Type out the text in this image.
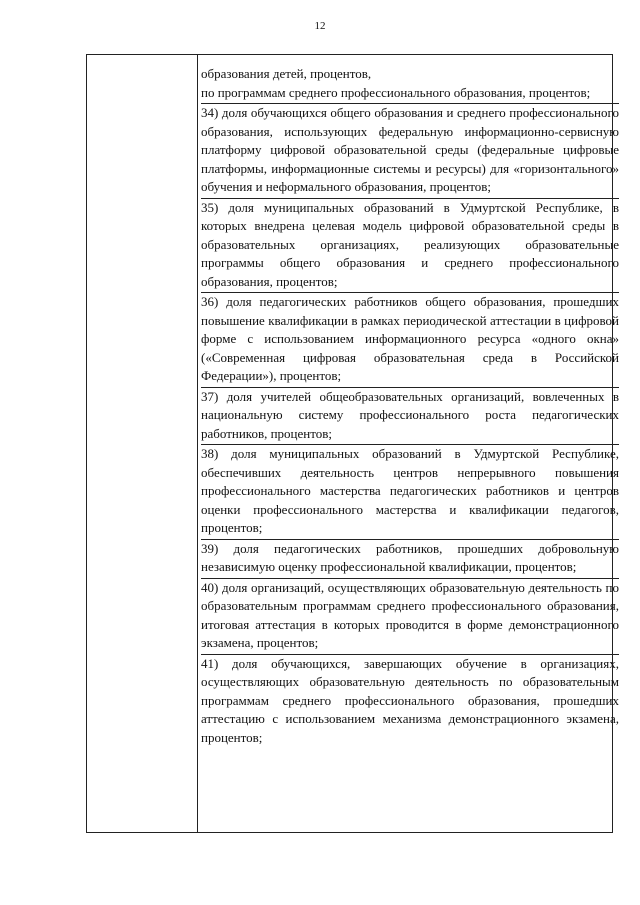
12
образования детей, процентов,
по программам среднего профессионального образования, процентов;
34) доля обучающихся общего образования и среднего профессионального образования, использующих федеральную информационно-сервисную платформу цифровой образовательной среды (федеральные цифровые платформы, информационные системы и ресурсы) для «горизонтального» обучения и неформального образования, процентов;
35) доля муниципальных образований в Удмуртской Республике, в которых внедрена целевая модель цифровой образовательной среды в образовательных организациях, реализующих образовательные программы общего образования и среднего профессионального образования, процентов;
36) доля педагогических работников общего образования, прошедших повышение квалификации в рамках периодической аттестации в цифровой форме с использованием информационного ресурса «одного окна» («Современная цифровая образовательная среда в Российской Федерации»), процентов;
37) доля учителей общеобразовательных организаций, вовлеченных в национальную систему профессионального роста педагогических работников, процентов;
38) доля муниципальных образований в Удмуртской Республике, обеспечивших деятельность центров непрерывного повышения профессионального мастерства педагогических работников и центров оценки профессионального мастерства и квалификации педагогов, процентов;
39) доля педагогических работников, прошедших добровольную независимую оценку профессиональной квалификации, процентов;
40) доля организаций, осуществляющих образовательную деятельность по образовательным программам среднего профессионального образования, итоговая аттестация в которых проводится в форме демонстрационного экзамена, процентов;
41) доля обучающихся, завершающих обучение в организациях, осуществляющих образовательную деятельность по образовательным программам среднего профессионального образования, прошедших аттестацию с использованием механизма демонстрационного экзамена, процентов;
